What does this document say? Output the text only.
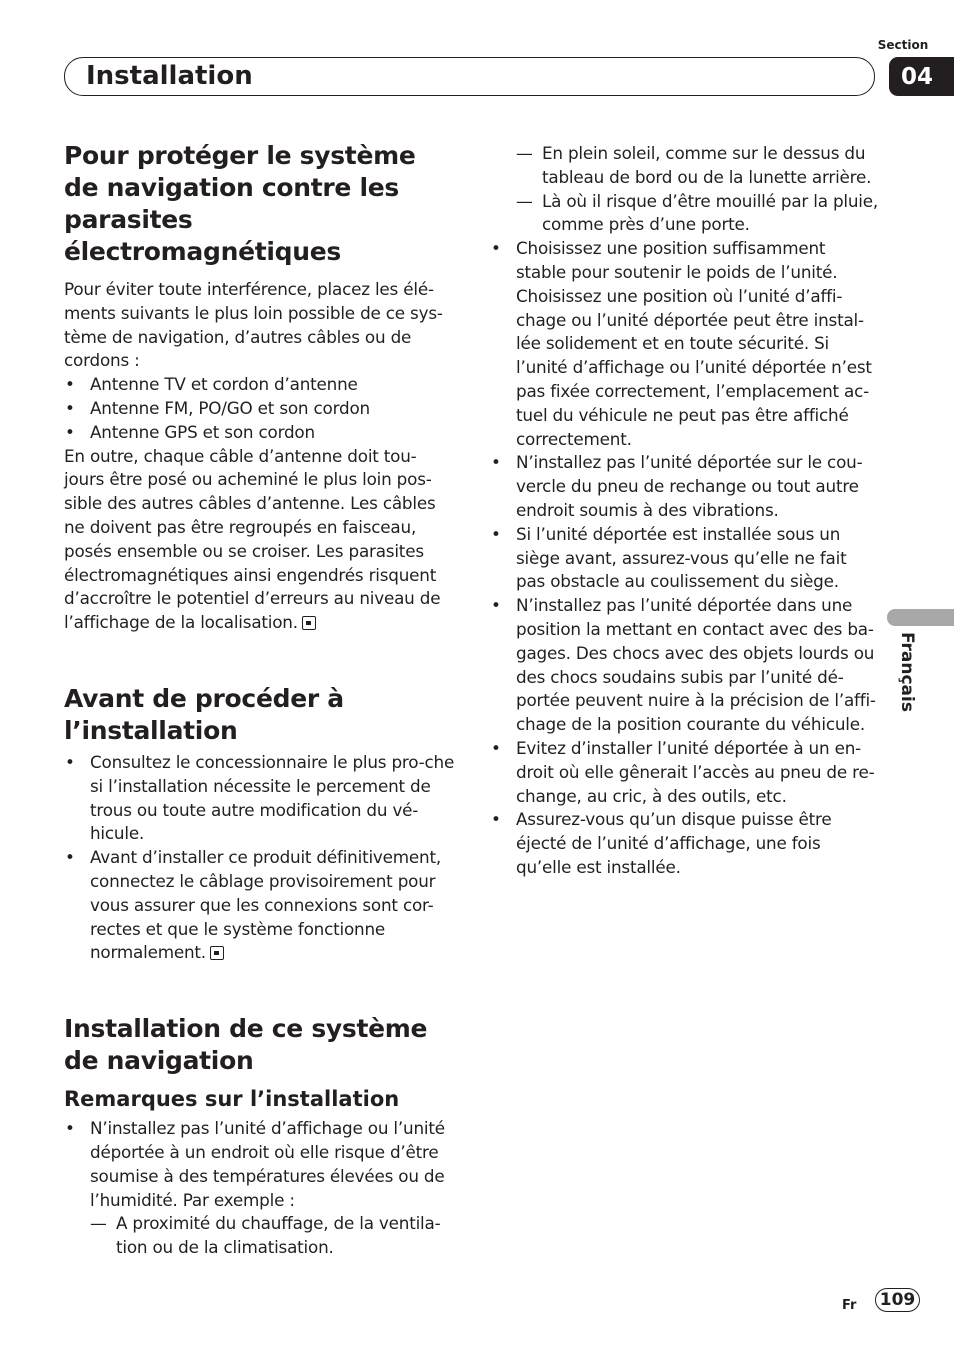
Section
04
Installation
Pour protéger le système de navigation contre les parasites électromagnétiques

Pour éviter toute interférence, placez les élé-ments suivants le plus loin possible de ce sys-tème de navigation, d’autres câbles ou de cordons :

• Antenne TV et cordon d’antenne
• Antenne FM, PO/GO et son cordon
• Antenne GPS et son cordon

En outre, chaque câble d’antenne doit tou-jours être posé ou acheminé le plus loin pos-sible des autres câbles d’antenne. Les câbles ne doivent pas être regroupés en faisceau, posés ensemble ou se croiser. Les parasites électromagnétiques ainsi engendrés risquent d’accroître le potentiel d’erreurs au niveau de l’affichage de la localisation.

Avant de procéder à l’installation
• Consultez le concessionnaire le plus pro-che si l’installation nécessite le percement de trous ou toute autre modification du vé-hicule.
• Avant d’installer ce produit définitivement, connectez le câblage provisoirement pour vous assurer que les connexions sont cor-rectes et que le système fonctionne normalement.
Installation de ce système de navigation
Remarques sur l’installation
• N’installez pas l’unité d’affichage ou l’unité déportée à un endroit où elle risque d’être soumise à des températures élevées ou de l’humidité. Par exemple :
— A proximité du chauffage, de la ventila-tion ou de la climatisation.
— En plein soleil, comme sur le dessus du tableau de bord ou de la lunette arrière.
— Là où il risque d’être mouillé par la pluie, comme près d’une porte.
• Choisissez une position suffisamment stable pour soutenir le poids de l’unité. Choisissez une position où l’unité d’affi-chage ou l’unité déportée peut être instal-lée solidement et en toute sécurité. Si l’unité d’affichage ou l’unité déportée n’est pas fixée correctement, l’emplacement ac-tuel du véhicule ne peut pas être affiché correctement.
• N’installez pas l’unité déportée sur le cou-vercle du pneu de rechange ou tout autre endroit soumis à des vibrations.
• Si l’unité déportée est installée sous un siège avant, assurez-vous qu’elle ne fait pas obstacle au coulissement du siège.
• N’installez pas l’unité déportée dans une position la mettant en contact avec des ba-gages. Des chocs avec des objets lourds ou des chocs soudains subis par l’unité dé-portée peuvent nuire à la précision de l’affi-chage de la position courante du véhicule.
• Evitez d’installer l’unité déportée à un en-droit où elle gênerait l’accès au pneu de re-change, au cric, à des outils, etc.
• Assurez-vous qu’un disque puisse être éjecté de l’unité d’affichage, une fois qu’elle est installée.
Français
Fr 109
